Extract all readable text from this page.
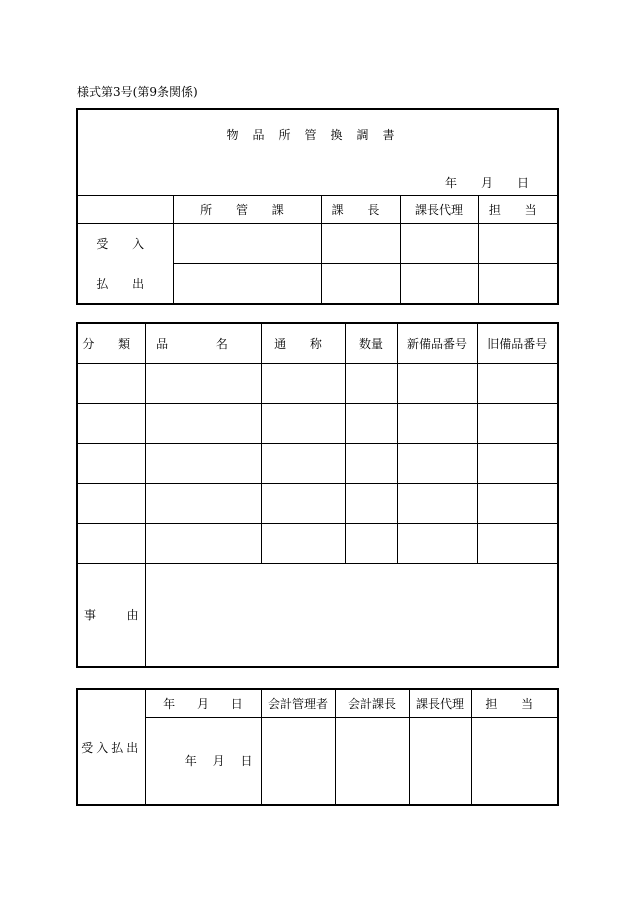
様式第3号(第9条関係)
物品所管換調書
年 月 日				

	所 管 課	課 長	課長代理	担 当
受 入				
払 出				
分 類	品 名	通 称	数量	新備品番号	旧備品番号

事 由					

受入払出	年 月 日	会計管理者	会計課長	課長代理	担 当
	年 月 日				
